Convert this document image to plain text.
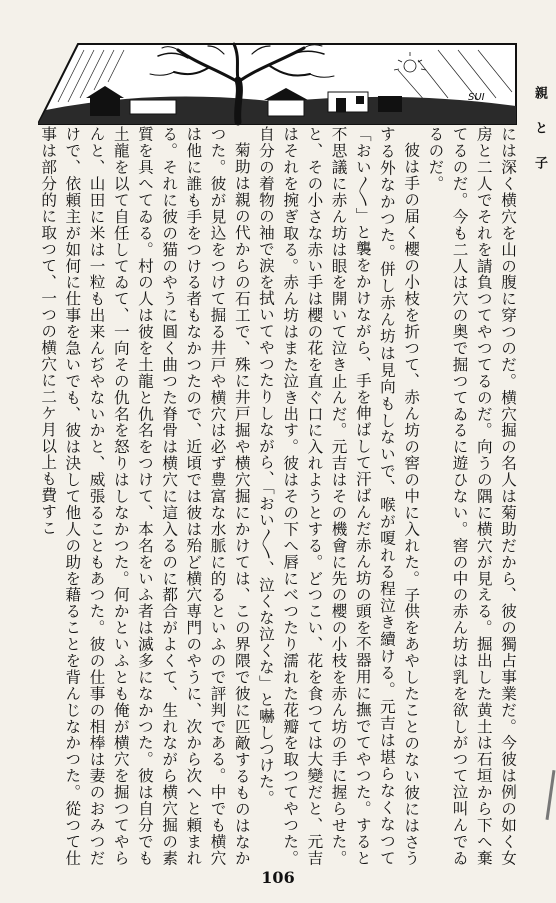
SUI	親と子

には深く横穴を山の腹に穿つのだ。横穴掘の名人は菊助だから、彼の獨占事業だ。今彼は例の如く女房と二人でそれを請負つてやつてるのだ。向うの隅に横穴が見える。掘出した黄土は石垣から下へ棄てるのだ。今も二人は穴の奥で掘つてゐるに遊ひない。窖の中の赤ん坊は乳を欲しがつて泣叫んでゐるのだ。

彼は手の届く櫻の小枝を折つて、赤ん坊の窖の中に入れた。子供をあやしたことのない彼にはさうする外なかつた。併し赤ん坊は見向もしないで、喉が嗄れる程泣き續ける。元吉は堪らなくなつて「おい〳〵」と襲をかけながら、手を伸ばして汗ばんだ赤ん坊の頭を不器用に撫でてやつた。すると不思議に赤ん坊は眼を開いて泣き止んだ。元吉はその機會に先の櫻の小枝を赤ん坊の手に握らせた。と、その小さな赤い手は櫻の花を直ぐ口に入れようとする。どつこい、花を食つては大變だと、元吉はそれを捥ぎ取る。赤ん坊はまた泣き出す。彼はその下へ唇にべつたり濡れた花瓣を取つてやつた。自分の着物の袖で涙を拭いてやつたりしながら、「おい〳〵、泣くな泣くな」と嚇しつけた。

菊助は親の代からの石工で、殊に井戸掘や横穴掘にかけては、この界隈で彼に匹敵するものはなかつた。彼が見込をつけて掘る井戸や横穴は必ず豊富な水脈に的るといふので評判である。中でも横穴は他に誰も手をつける者もなかつたので、近頃では彼は殆ど横穴専門のやうに、次から次へと頼まれる。それに彼の猫のやうに圓く曲つた脊骨は横穴に這入るのに都合がよくて、生れながら横穴掘の素質を具へてゐる。村の人は彼を土龍と仇名をつけて、本名をいふ者は滅多になかつた。彼は自分でも土龍を以て自任してゐて、一向その仇名を怒りはしなかつた。何かといふとも俺が横穴を掘つてやらんと、山田に米は一粒も出来んぢやないかと、威張ることもあつた。彼の仕事の相棒は妻のおみつだけで、依頼主が如何に仕事を急いでも、彼は決して他人の助を藉ることを背んじなかつた。從つて仕事は部分的に取つて、一つの横穴に二ケ月以上も費すこ

106
